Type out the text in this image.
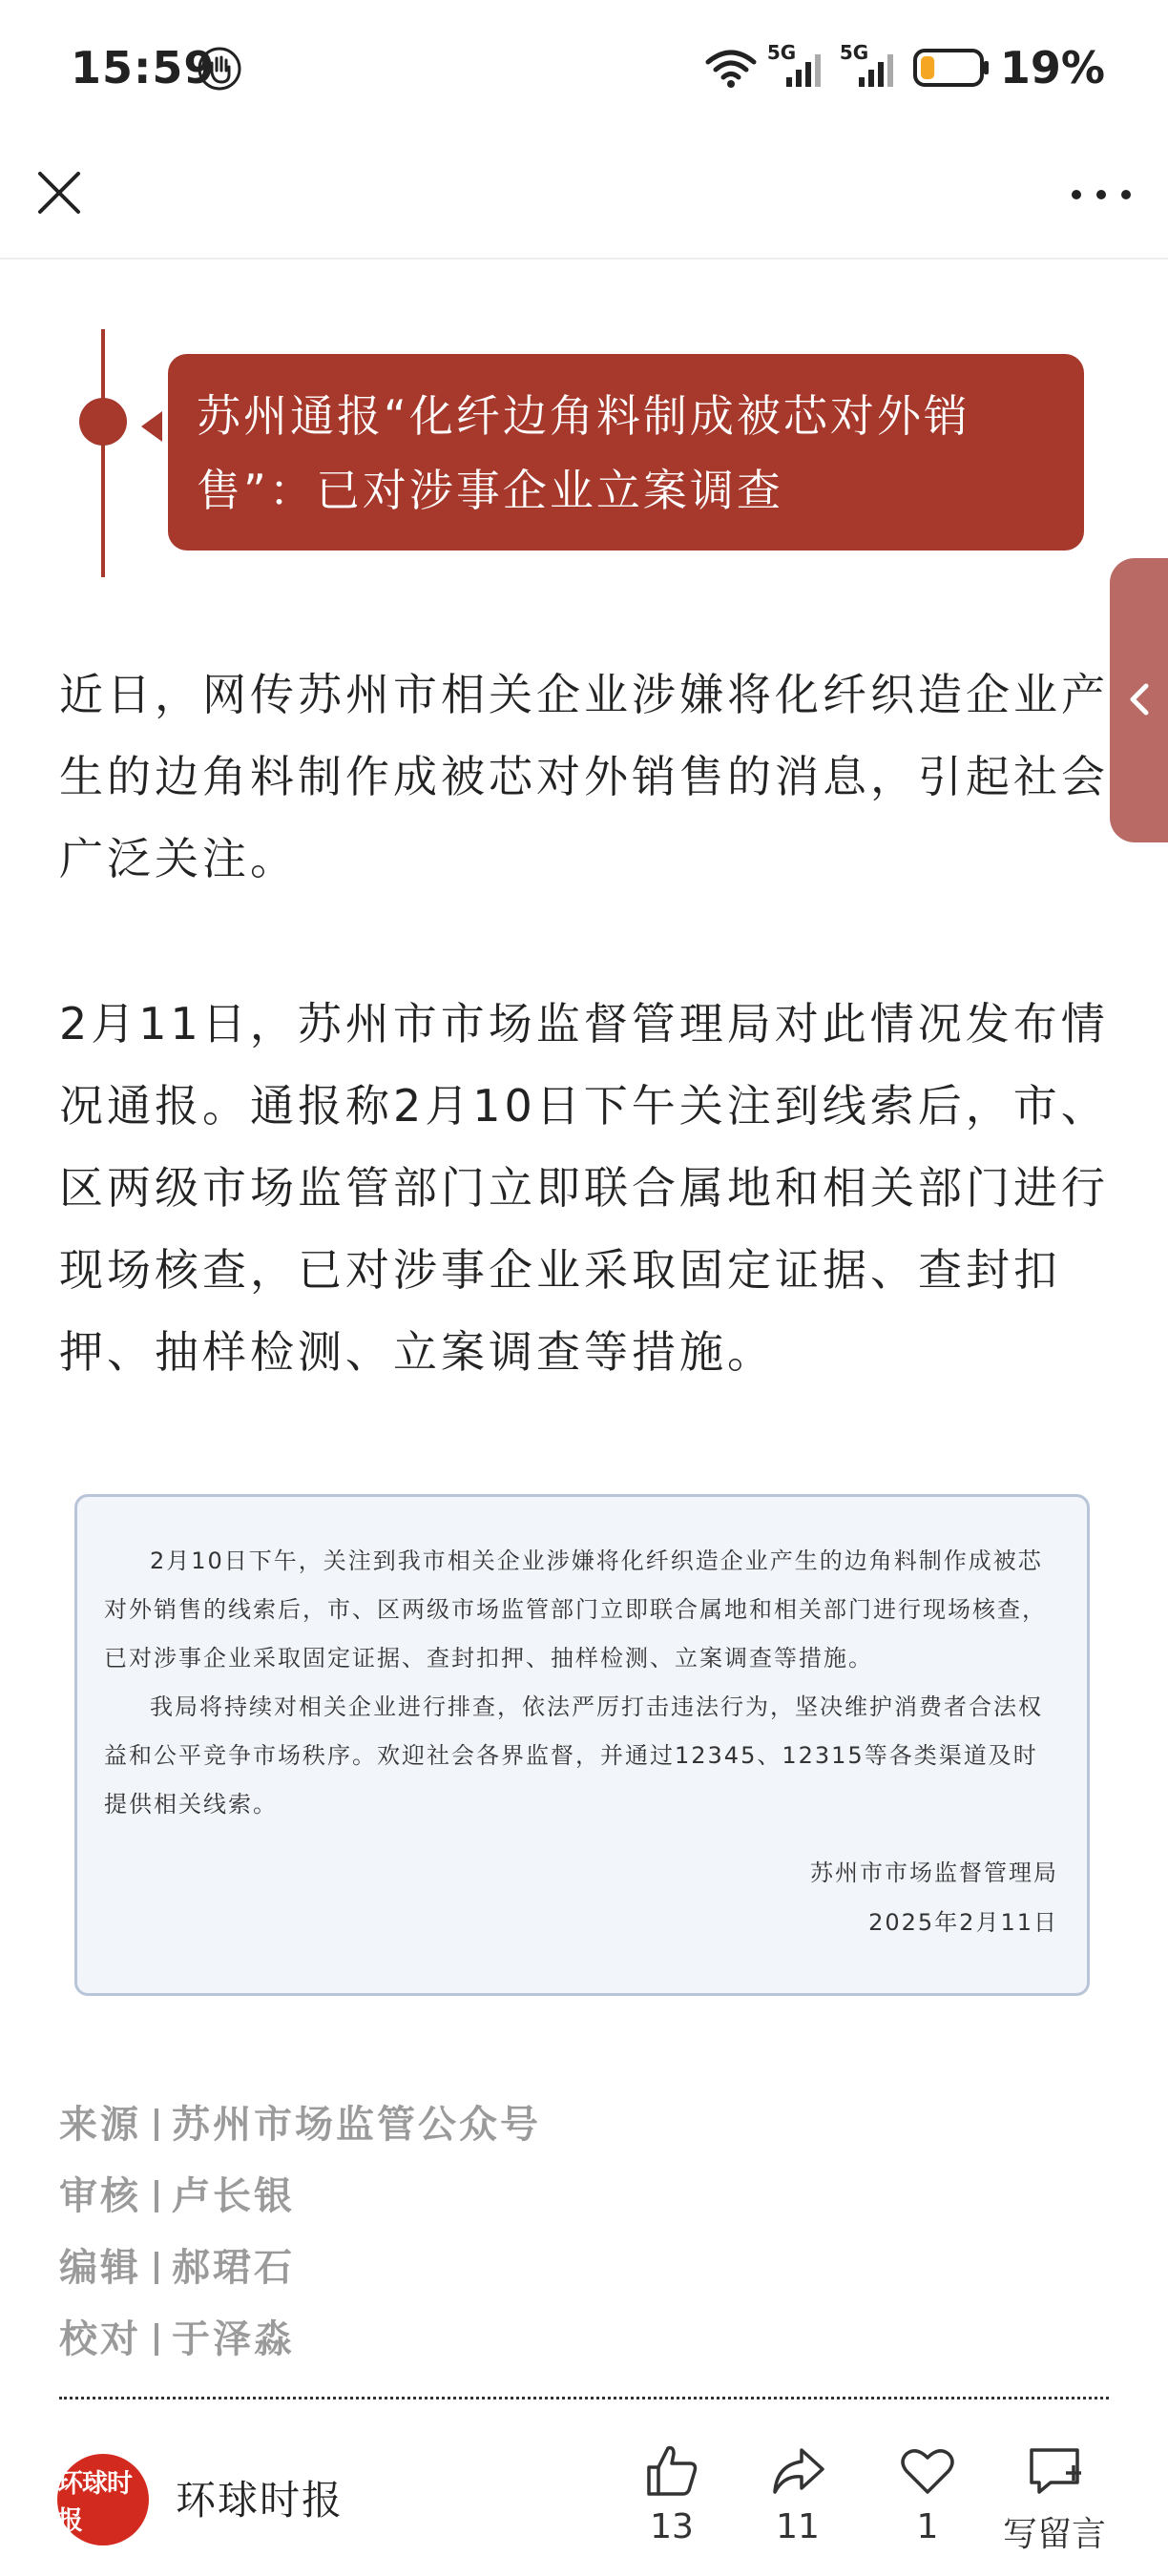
15:59	5G 5G	19%
苏州通报“化纤边角料制成被芯对外销售”：已对涉事企业立案调查
近日，网传苏州市相关企业涉嫌将化纤织造企业产生的边角料制作成被芯对外销售的消息，引起社会广泛关注。
2月11日，苏州市市场监督管理局对此情况发布情况通报。通报称2月10日下午关注到线索后，市、区两级市场监管部门立即联合属地和相关部门进行现场核查，已对涉事企业采取固定证据、查封扣押、抽样检测、立案调查等措施。

2月10日下午，关注到我市相关企业涉嫌将化纤织造企业产生的边角料制作成被芯对外销售的线索后，市、区两级市场监管部门立即联合属地和相关部门进行现场核查，已对涉事企业采取固定证据、查封扣押、抽样检测、立案调查等措施。

我局将持续对相关企业进行排查，依法严厉打击违法行为，坚决维护消费者合法权益和公平竞争市场秩序。欢迎社会各界监督，并通过12345、12315等各类渠道及时提供相关线索。

苏州市市场监督管理局
2025年2月11日

来源 苏州市场监管公众号
审核 卢长银
编辑 郝珺石
校对 于泽淼
环球时报	环球时报
13	11	1	写留言
